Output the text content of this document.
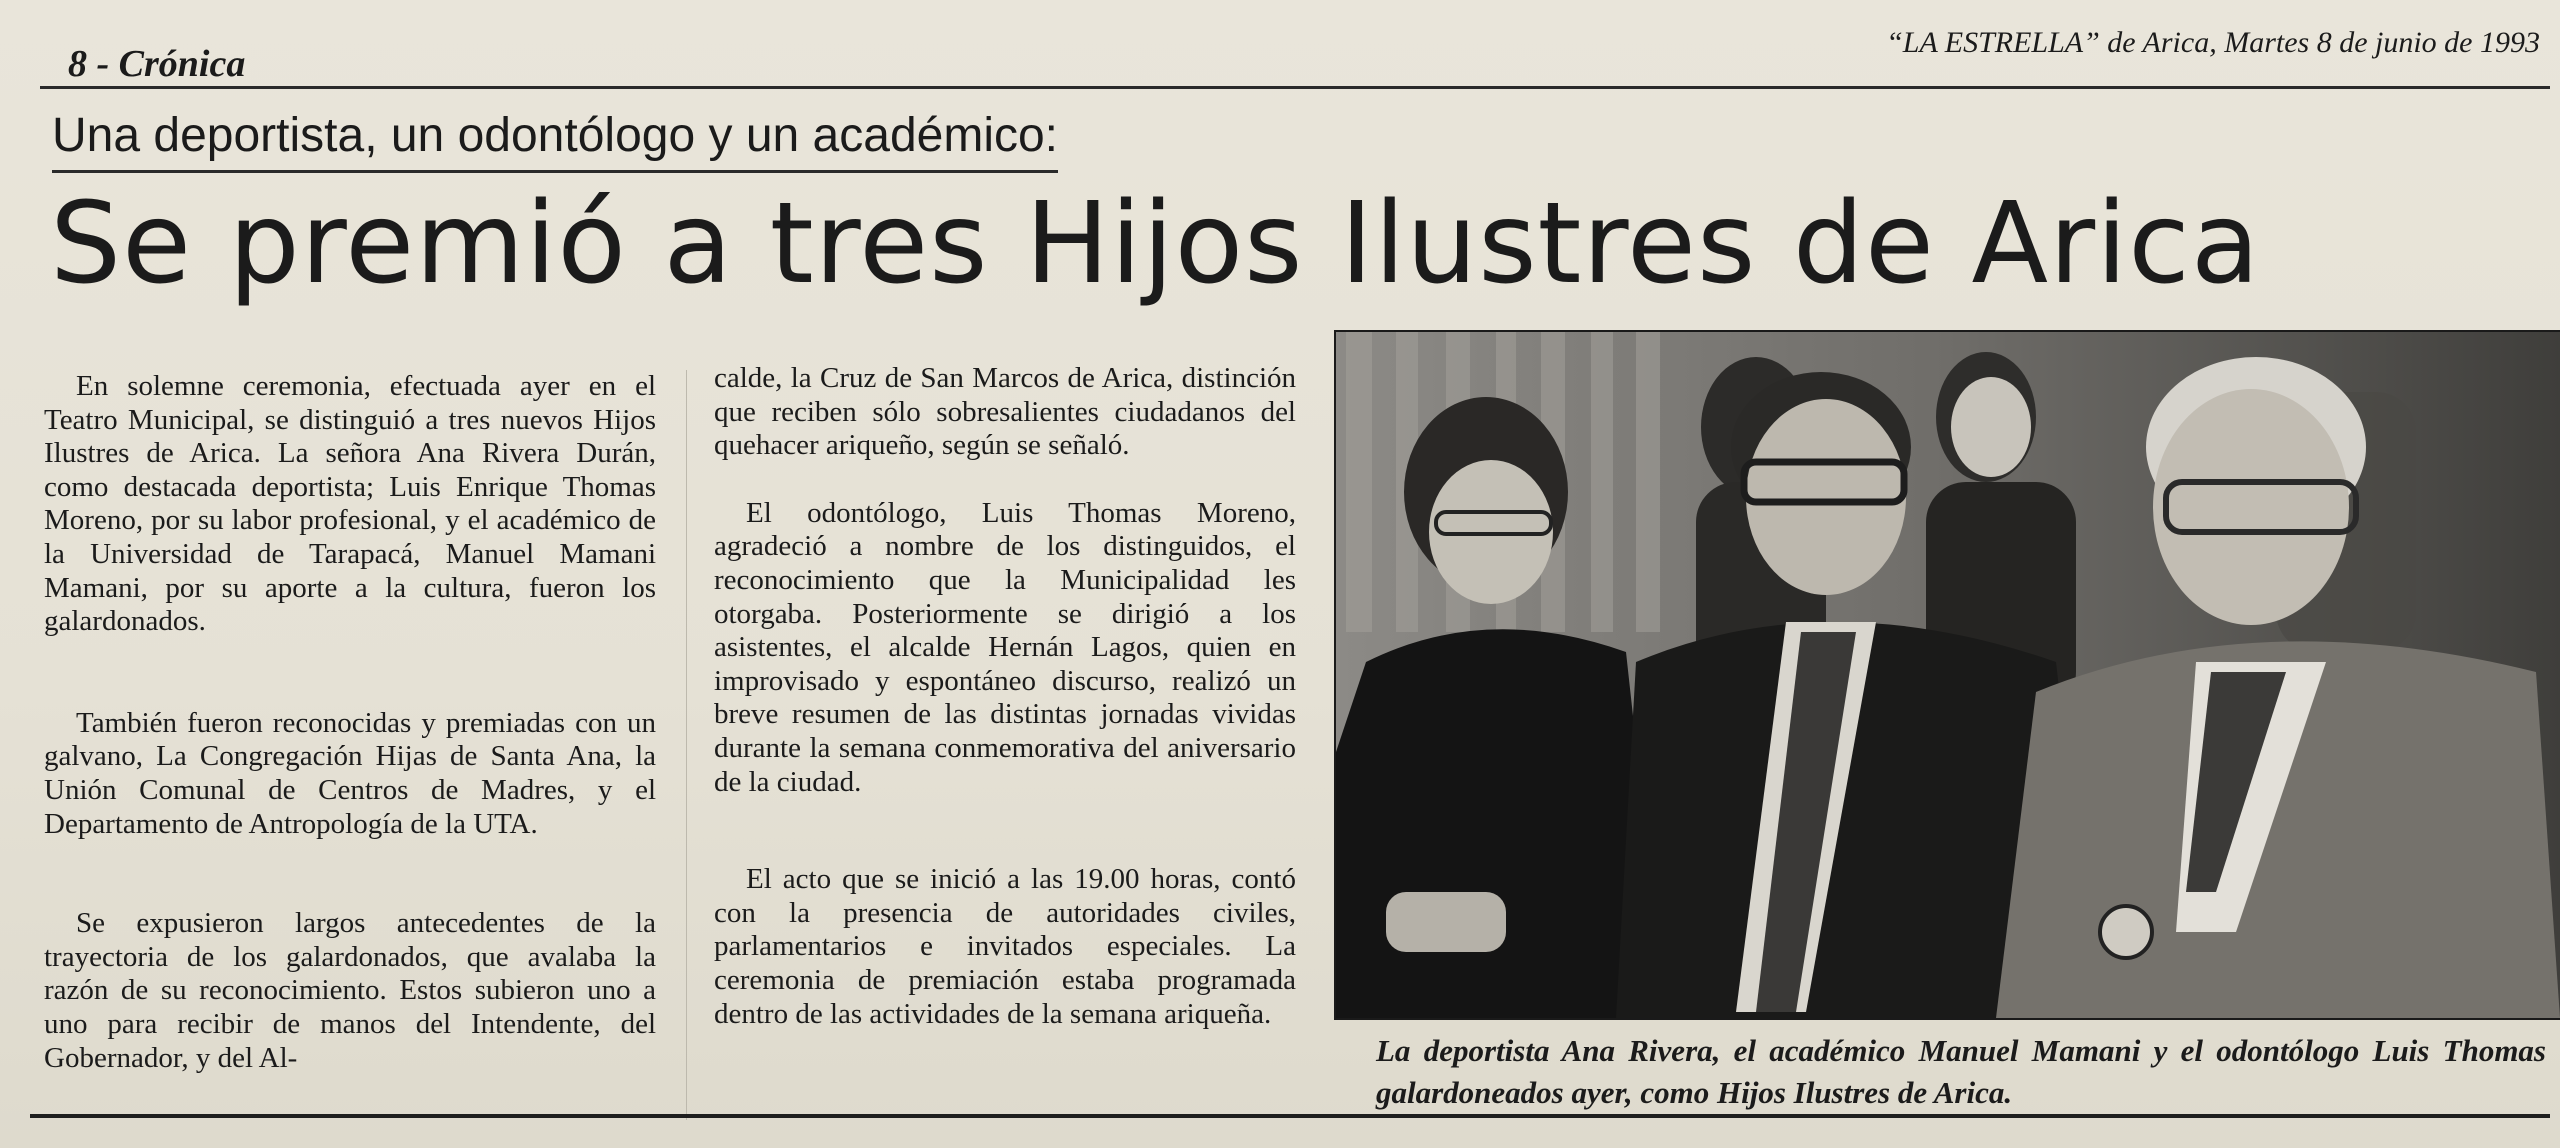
8 - Crónica
“LA ESTRELLA” de Arica, Martes 8 de junio de 1993
Una deportista, un odontólogo y un académico:
Se premió a tres Hijos Ilustres de Arica

En solemne ceremonia, efectuada ayer en el Teatro Municipal, se distinguió a tres nuevos Hijos Ilustres de Arica. La señora Ana Rivera Durán, como destacada deportista; Luis Enrique Thomas Moreno, por su labor profesional, y el académico de la Universidad de Tarapacá, Manuel Mamani Mamani, por su aporte a la cultura, fueron los galardonados.

También fueron reconocidas y premiadas con un galvano, La Congregación Hijas de Santa Ana, la Unión Comunal de Centros de Madres, y el Departamento de Antropología de la UTA.

Se expusieron largos antecedentes de la trayectoria de los galardonados, que avalaba la razón de su reconocimiento. Estos subieron uno a uno para recibir de manos del Intendente, del Gobernador, y del Al-

calde, la Cruz de San Marcos de Arica, distinción que reciben sólo sobresalientes ciudadanos del quehacer ariqueño, según se señaló.

El odontólogo, Luis Thomas Moreno, agradeció a nombre de los distinguidos, el reconocimiento que la Municipalidad les otorgaba. Posteriormente se dirigió a los asistentes, el alcalde Hernán Lagos, quien en improvisado y espontáneo discurso, realizó un breve resumen de las distintas jornadas vividas durante la semana conmemorativa del aniversario de la ciudad.

El acto que se inició a las 19.00 horas, contó con la presencia de autoridades civiles, parlamentarios e invitados especiales. La ceremonia de premiación estaba programada dentro de las actividades de la semana ariqueña.

La deportista Ana Rivera, el académico Manuel Mamani y el odontólogo Luis Thomas galardoneados ayer, como Hijos Ilustres de Arica.
